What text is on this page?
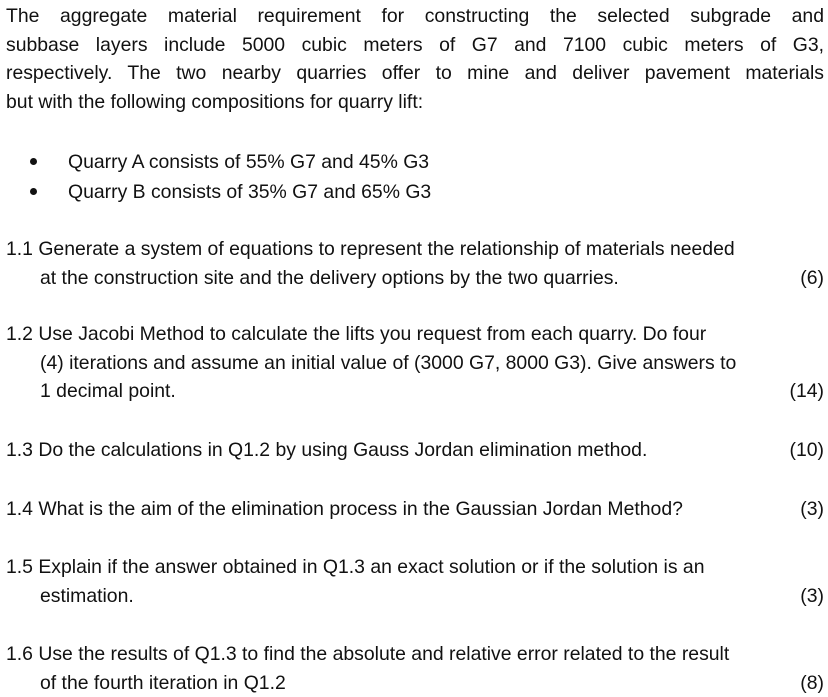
The aggregate material requirement for constructing the selected subgrade and
subbase layers include 5000 cubic meters of G7 and 7100 cubic meters of G3,
respectively. The two nearby quarries offer to mine and deliver pavement materials
but with the following compositions for quarry lift:

Quarry A consists of 55% G7 and 45% G3
Quarry B consists of 35% G7 and 65% G3
1.1 Generate a system of equations to represent the relationship of materials needed
at the construction site and the delivery options by the two quarries.	(6)
1.2 Use Jacobi Method to calculate the lifts you request from each quarry. Do four
(4) iterations and assume an initial value of (3000 G7, 8000 G3). Give answers to
1 decimal point.	(14)
1.3 Do the calculations in Q1.2 by using Gauss Jordan elimination method.	(10)
1.4 What is the aim of the elimination process in the Gaussian Jordan Method?	(3)
1.5 Explain if the answer obtained in Q1.3 an exact solution or if the solution is an
estimation.	(3)
1.6 Use the results of Q1.3 to find the absolute and relative error related to the result
of the fourth iteration in Q1.2	(8)
